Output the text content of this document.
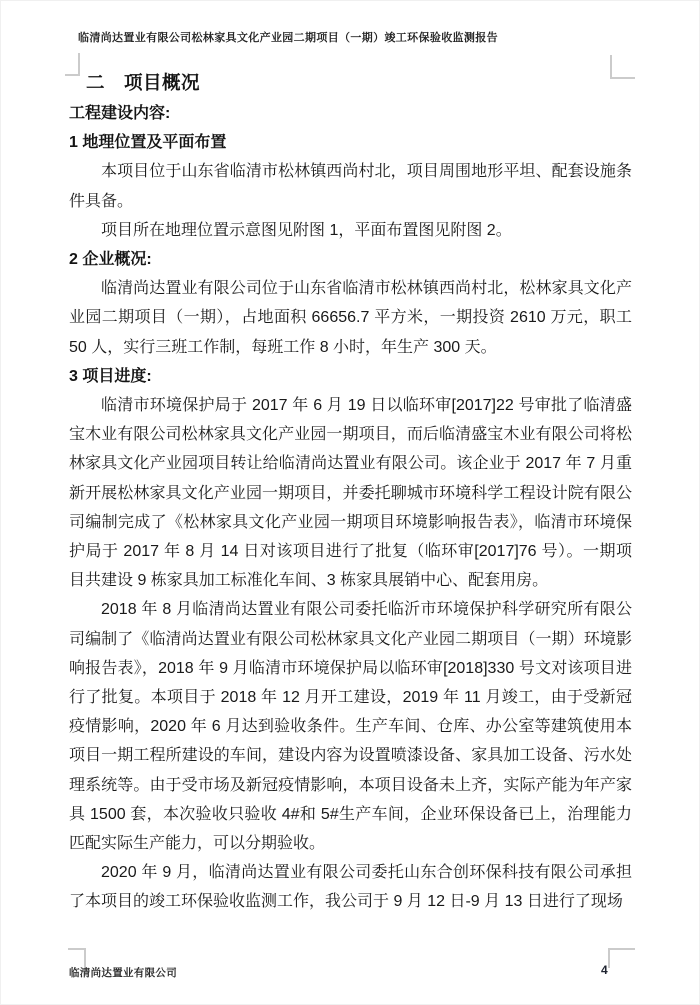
临清尚达置业有限公司松林家具文化产业园二期项目（一期）竣工环保验收监测报告
二　项目概况
工程建设内容:
1 地理位置及平面布置

本项目位于山东省临清市松林镇西尚村北，项目周围地形平坦、配套设施条件具备。

项目所在地理位置示意图见附图 1，平面布置图见附图 2。

2 企业概况:

临清尚达置业有限公司位于山东省临清市松林镇西尚村北，松林家具文化产业园二期项目（一期），占地面积 66656.7 平方米，一期投资 2610 万元，职工 50 人，实行三班工作制，每班工作 8 小时，年生产 300 天。

3 项目进度:

临清市环境保护局于 2017 年 6 月 19 日以临环审[2017]22 号审批了临清盛宝木业有限公司松林家具文化产业园一期项目，而后临清盛宝木业有限公司将松林家具文化产业园项目转让给临清尚达置业有限公司。该企业于 2017 年 7 月重新开展松林家具文化产业园一期项目，并委托聊城市环境科学工程设计院有限公司编制完成了《松林家具文化产业园一期项目环境影响报告表》，临清市环境保护局于 2017 年 8 月 14 日对该项目进行了批复（临环审[2017]76 号）。一期项目共建设 9 栋家具加工标准化车间、3 栋家具展销中心、配套用房。

2018 年 8 月临清尚达置业有限公司委托临沂市环境保护科学研究所有限公司编制了《临清尚达置业有限公司松林家具文化产业园二期项目（一期）环境影响报告表》，2018 年 9 月临清市环境保护局以临环审[2018]330 号文对该项目进行了批复。本项目于 2018 年 12 月开工建设，2019 年 11 月竣工，由于受新冠疫情影响，2020 年 6 月达到验收条件。生产车间、仓库、办公室等建筑使用本项目一期工程所建设的车间，建设内容为设置喷漆设备、家具加工设备、污水处理系统等。由于受市场及新冠疫情影响，本项目设备未上齐，实际产能为年产家具 1500 套，本次验收只验收 4#和 5#生产车间，企业环保设备已上，治理能力匹配实际生产能力，可以分期验收。

2020 年 9 月，临清尚达置业有限公司委托山东合创环保科技有限公司承担了本项目的竣工环保验收监测工作，我公司于 9 月 12 日-9 月 13 日进行了现场

临清尚达置业有限公司	4
